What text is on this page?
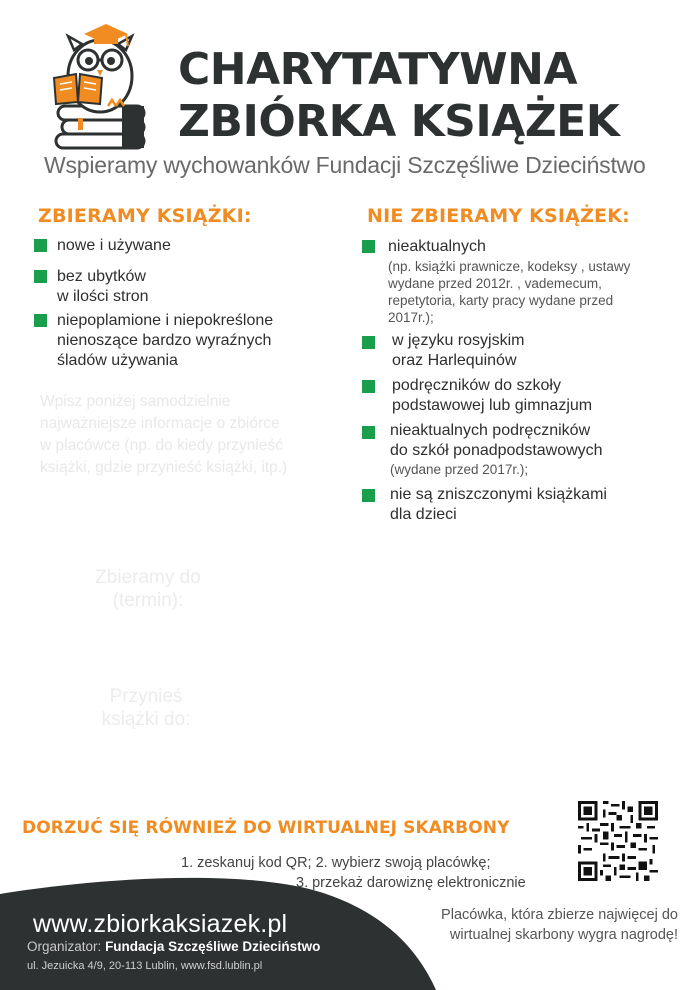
CHARYTATYWNA
ZBIÓRKA KSIĄŻEK
Wspieramy wychowanków Fundacji Szczęśliwe Dzieciństwo
ZBIERAMY KSIĄŻKI:
nowe i używane
bez ubytków
w ilości stron
niepoplamione i niepokreślone
nienoszące bardzo wyraźnych
śladów używania
NIE ZBIERAMY KSIĄŻEK:
nieaktualnych
(np. książki prawnicze, kodeksy , ustawy
wydane przed 2012r. , vademecum,
repetytoria, karty pracy wydane przed
2017r.);
w języku rosyjskim
oraz Harlequinów
podręczników do szkoły
podstawowej lub gimnazjum
nieaktualnych podręczników
do szkół ponadpodstawowych
(wydane przed 2017r.);
nie są zniszczonymi książkami
dla dzieci
Wpisz poniżej samodzielnie
najważniejsze informacje o zbiórce
w placówce (np. do kiedy przynieść
książki, gdzie przynieść książki, itp.)
Zbieramy do
(termin):
Przynieś
książki do:
DORZUĆ SIĘ RÓWNIEŻ DO WIRTUALNEJ SKARBONY
1. zeskanuj kod QR; 2. wybierz swoją placówkę;
3. przekaż darowiznę elektronicznie
www.zbiorkaksiazek.pl
Organizator: Fundacja Szczęśliwe Dzieciństwo
ul. Jezuicka 4/9, 20-113 Lublin, www.fsd.lublin.pl
Placówka, która zbierze najwięcej do
wirtualnej skarbony wygra nagrodę!
